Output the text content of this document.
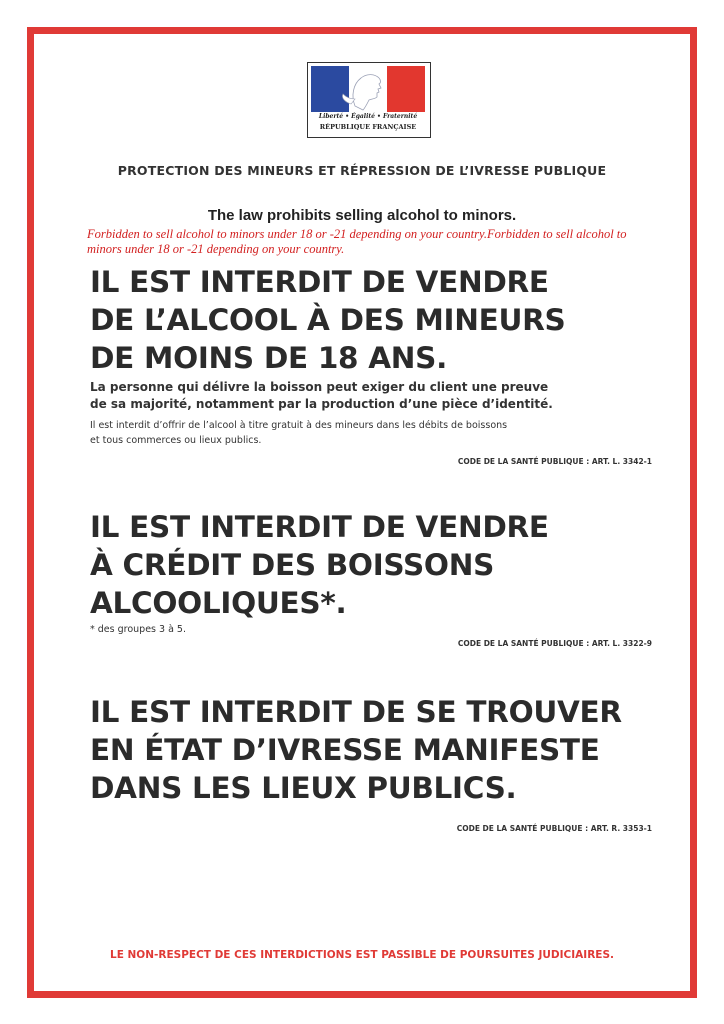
Liberté • Égalité • Fraternité
RÉPUBLIQUE FRANÇAISE
PROTECTION DES MINEURS ET RÉPRESSION DE L’IVRESSE PUBLIQUE
The law prohibits selling alcohol to minors.
Forbidden to sell alcohol to minors under 18 or -21 depending on your country.Forbidden to sell alcohol to minors under 18 or -21 depending on your country.
IL EST INTERDIT DE VENDRE
DE L’ALCOOL À DES MINEURS
DE MOINS DE 18 ANS.
La personne qui délivre la boisson peut exiger du client une preuve
de sa majorité, notamment par la production d’une pièce d’identité.
Il est interdit d’offrir de l’alcool à titre gratuit à des mineurs dans les débits de boissons
et tous commerces ou lieux publics.
CODE DE LA SANTÉ PUBLIQUE : ART. L. 3342-1
IL EST INTERDIT DE VENDRE
À CRÉDIT DES BOISSONS
ALCOOLIQUES*.
* des groupes 3 à 5.
CODE DE LA SANTÉ PUBLIQUE : ART. L. 3322-9
IL EST INTERDIT DE SE TROUVER
EN ÉTAT D’IVRESSE MANIFESTE
DANS LES LIEUX PUBLICS.
CODE DE LA SANTÉ PUBLIQUE : ART. R. 3353-1
LE NON-RESPECT DE CES INTERDICTIONS EST PASSIBLE DE POURSUITES JUDICIAIRES.
